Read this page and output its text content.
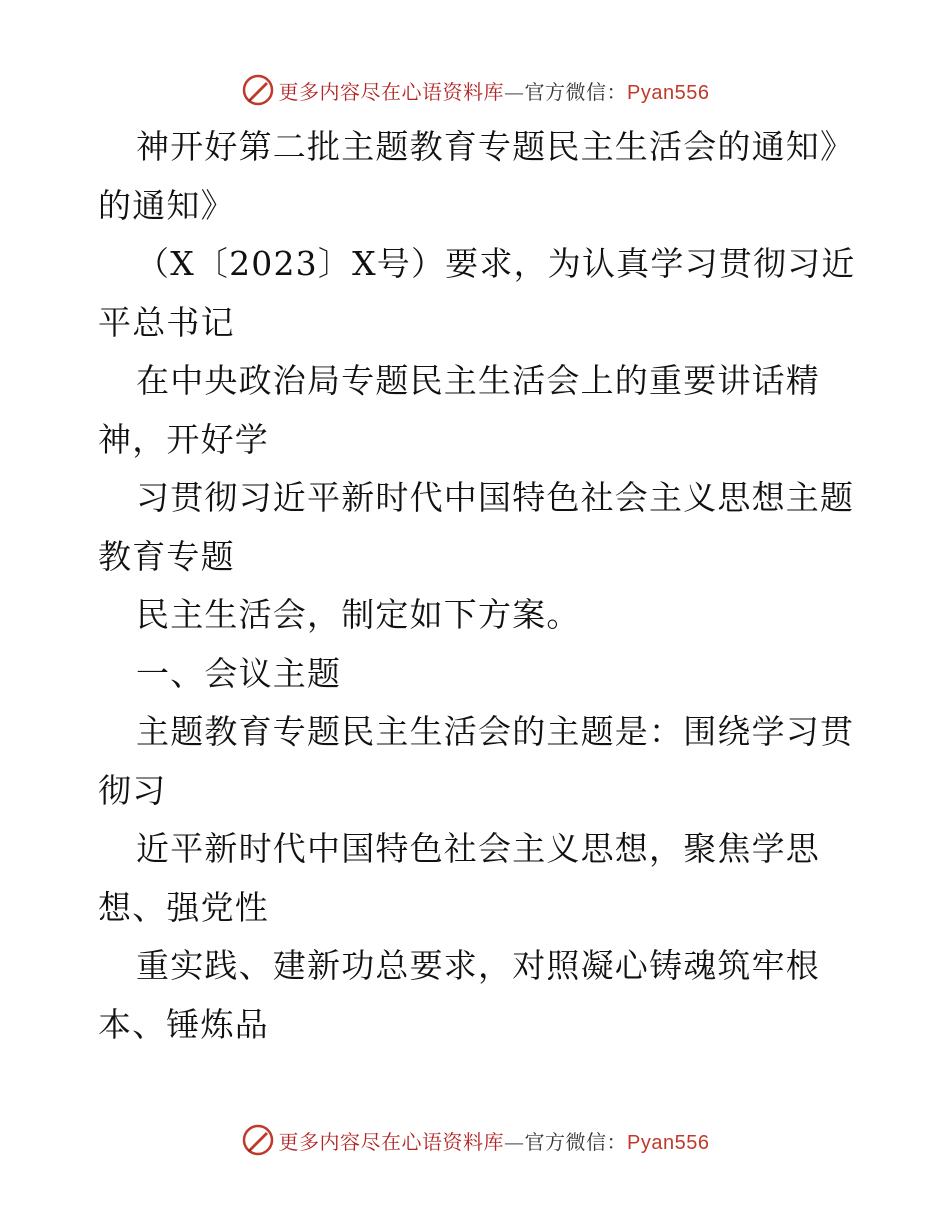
更多内容尽在心语资料库—官方微信：Pyan556
神开好第二批主题教育专题民主生活会的通知》
的通知》
（X〔2023〕X号）要求，为认真学习贯彻习近
平总书记
在中央政治局专题民主生活会上的重要讲话精
神，开好学
习贯彻习近平新时代中国特色社会主义思想主题
教育专题
民主生活会，制定如下方案。
一、会议主题
主题教育专题民主生活会的主题是：围绕学习贯
彻习
近平新时代中国特色社会主义思想，聚焦学思
想、强党性
重实践、建新功总要求，对照凝心铸魂筑牢根
本、锤炼品
更多内容尽在心语资料库—官方微信：Pyan556
